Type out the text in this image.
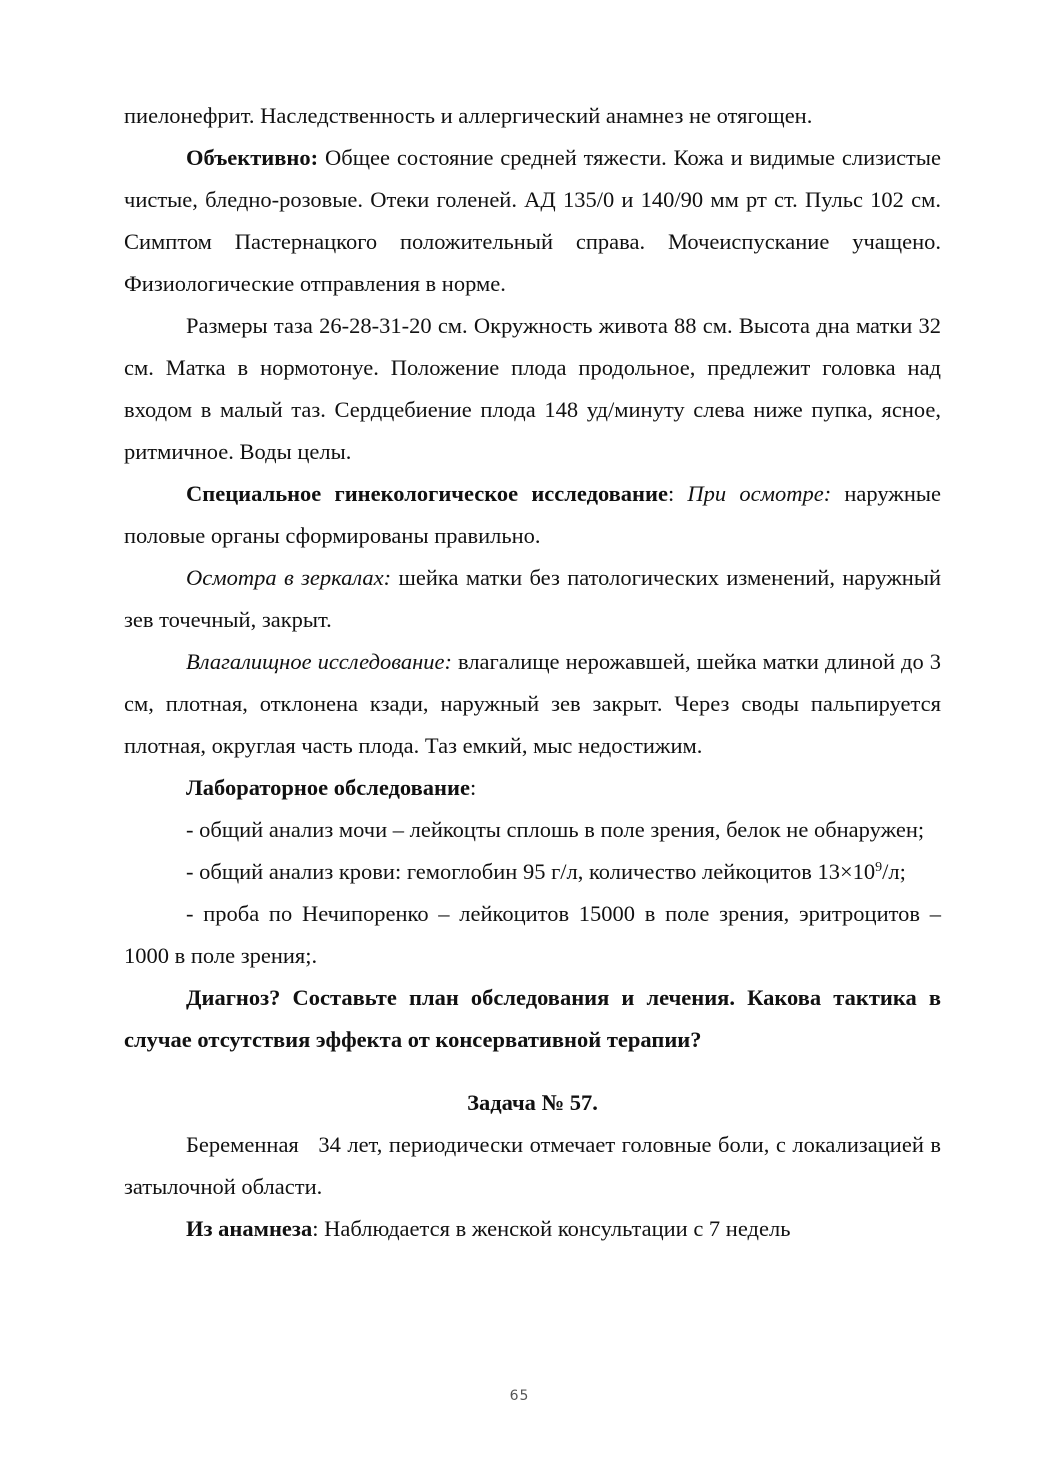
пиелонефрит. Наследственность и аллергический анамнез не отягощен.

Объективно: Общее состояние средней тяжести. Кожа и видимые слизистые чистые, бледно-розовые. Отеки голеней. АД 135/0 и 140/90 мм рт ст. Пульс 102 см. Симптом Пастернацкого положительный справа. Мочеиспускание учащено. Физиологические отправления в норме.

Размеры таза 26-28-31-20 см. Окружность живота 88 см. Высота дна матки 32 см. Матка в нормотонуе. Положение плода продольное, предлежит головка над входом в малый таз. Сердцебиение плода 148 уд/минуту слева ниже пупка, ясное, ритмичное. Воды целы.

Специальное гинекологическое исследование: При осмотре: наружные половые органы сформированы правильно.

Осмотра в зеркалах: шейка матки без патологических изменений, наружный зев точечный, закрыт.

Влагалищное исследование: влагалище нерожавшей, шейка матки длиной до 3 см, плотная, отклонена кзади, наружный зев закрыт. Через своды пальпируется плотная, округлая часть плода. Таз емкий, мыс недостижим.

Лабораторное обследование:

- общий анализ мочи – лейкоцты сплошь в поле зрения, белок не обнаружен;

- общий анализ крови: гемоглобин 95 г/л, количество лейкоцитов $13\times 10^9/л$;

- проба по Нечипоренко – лейкоцитов 15000 в поле зрения, эритроцитов – 1000 в поле зрения;.

Диагноз? Составьте план обследования и лечения. Какова тактика в случае отсутствия эффекта от консервативной терапии?

Задача № 57.

Беременная   34 лет, периодически отмечает головные боли, с локализацией в затылочной области.

Из анамнеза: Наблюдается в женской консультации с 7 недель

65
